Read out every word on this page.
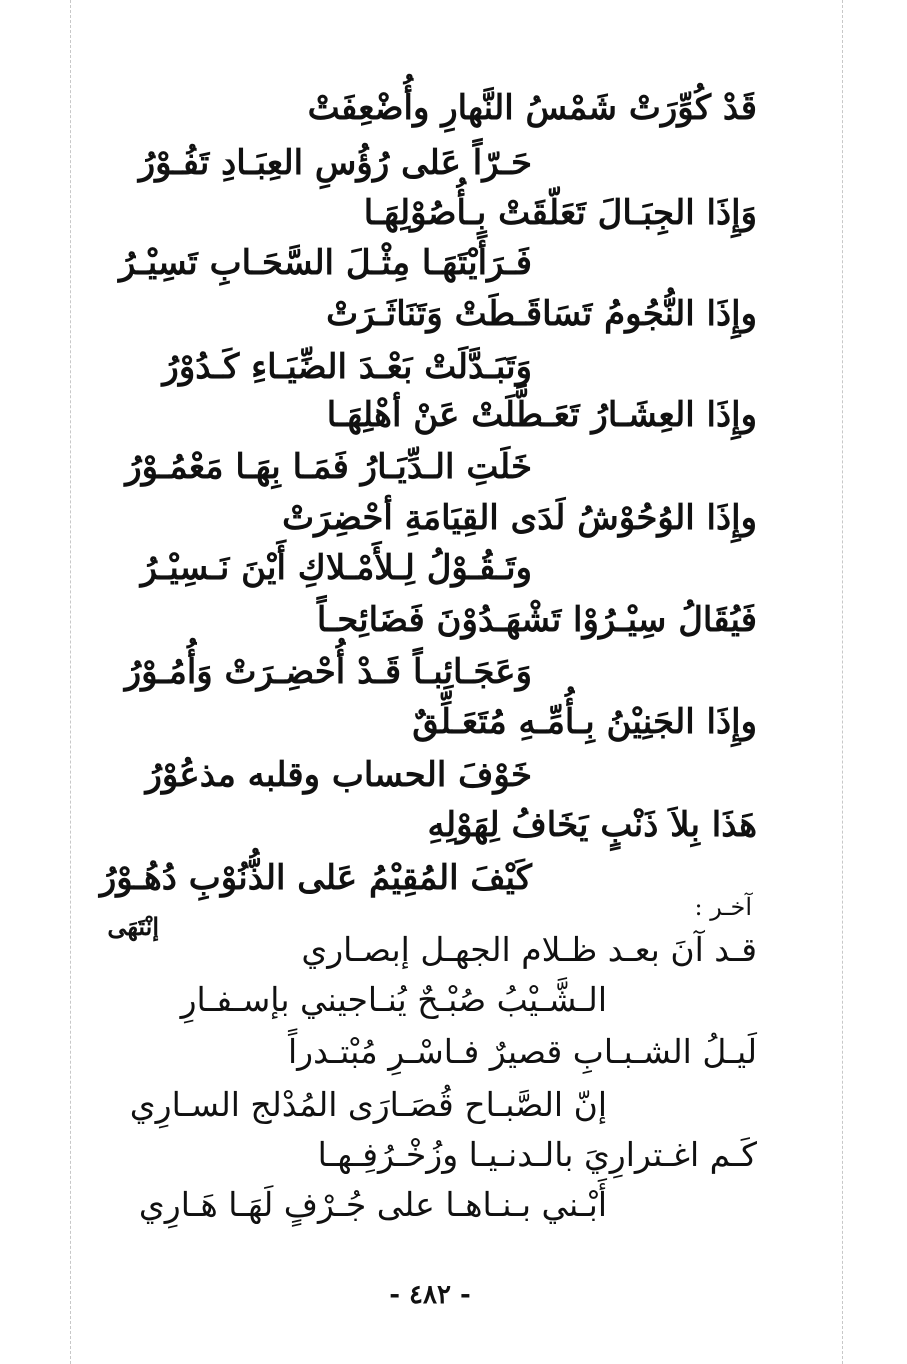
قَدْ كُوِّرَتْ شَمْسُ النَّهارِ وأُضْعِفَتْ
حَـرّاً عَلى رُؤُسِ العِبَـادِ تَفُـوْرُ
وَإِذَا الجِبَـالَ تَعَلّقَتْ بِـأُصُوْلِهَـا
فَـرَأَيْتَهَـا مِثْـلَ السَّحَـابِ تَسِيْـرُ
وإِذَا النُّجُومُ تَسَاقَـطَتْ وَتَنَاثَـرَتْ
وَتَبَـدَّلَتْ بَعْـدَ الضِّيَـاءِ كَـدُوْرُ
وإِذَا العِشَـارُ تَعَـطَّلَتْ عَنْ أهْلِهَـا
خَلَتِ الـدِّيَـارُ فَمَـا بِهَـا مَعْمُـوْرُ
وإِذَا الوُحُوْشُ لَدَى القِيَامَةِ أحْضِرَتْ
وتَـقُـوْلُ لِـلأَمْـلاكِ أَيْنَ نَـسِيْـرُ
فَيُقَالُ سِيْـرُوْا تَشْهَـدُوْنَ فَضَائِحـاً
وَعَجَـائِبـاً قَـدْ أُحْضِـرَتْ وَأُمُـوْرُ
وإِذَا الجَنِيْنُ بِـأُمِّـهِ مُتَعَـلِّقٌ
خَوْفَ الحساب وقلبه مذعُوْرُ
هَذَا بِلاَ ذَنْبٍ يَخَافُ لِهَوْلِهِ
كَيْفَ المُقِيْمُ عَلى الذُّنُوْبِ دُهُـوْرُ
آخـر :
إنْتَهَى
قـد آنَ بعـد ظـلام الجهـل إبصـاري
الـشَّـيْبُ صُبْـحٌ يُنـاجيني بإسـفـارِ
لَيـلُ الشـبـابِ قصيرٌ فـاسْـرِ مُبْتـدراً
إنّ الصَّبـاح قُصَـارَى المُدْلج السـارِي
كَـم اغـترارِيَ بالـدنـيـا وزُخْـرُفِـهـا
أَبْـني بـنـاهـا على جُـرْفٍ لَهَـا هَـارِي
- ٤٨٢ -
